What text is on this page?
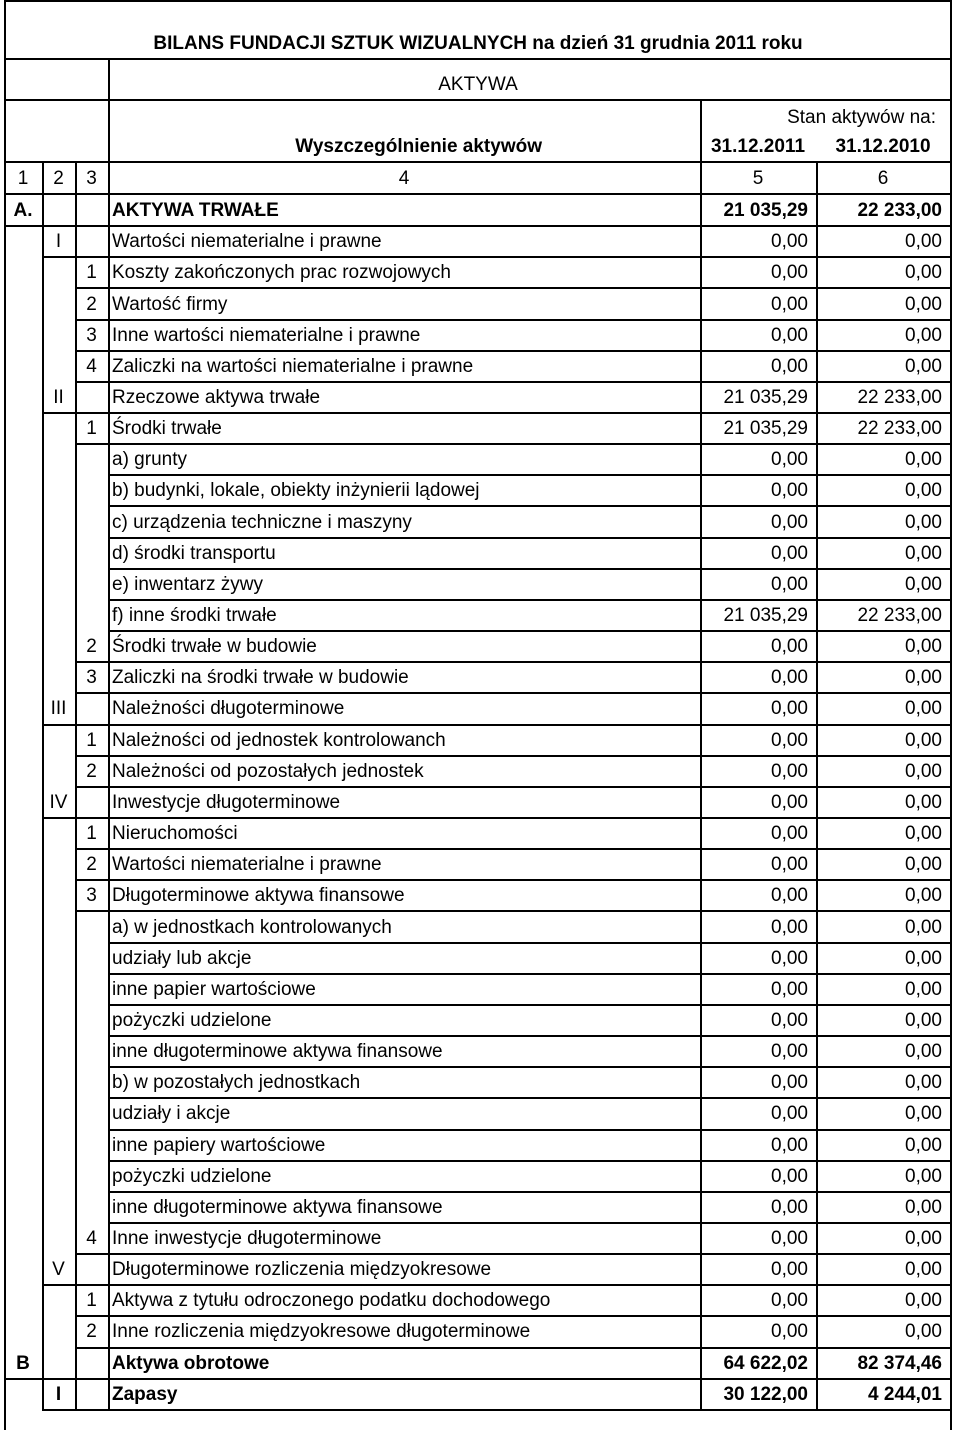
BILANS FUNDACJI SZTUK WIZUALNYCH na dzień 31 grudnia 2011 roku
AKTYWA
Stan aktywów na:
Wyszczególnienie aktywów	31.12.2011	31.12.2010
1	2	3	4	5	6
A.	AKTYWA TRWAŁE	21 035,29	22 233,00
I	Wartości niematerialne i prawne	0,00	0,00
1 Koszty zakończonych prac rozwojowych	0,00	0,00
2 Wartość firmy	0,00	0,00
3 Inne wartości niematerialne i prawne	0,00	0,00
4 Zaliczki na wartości niematerialne i prawne	0,00	0,00
II	Rzeczowe aktywa trwałe	21 035,29	22 233,00
1 Środki trwałe	21 035,29	22 233,00
a) grunty	0,00	0,00
b) budynki, lokale, obiekty inżynierii lądowej	0,00	0,00
c) urządzenia techniczne i maszyny	0,00	0,00
d) środki transportu	0,00	0,00
e) inwentarz żywy	0,00	0,00
f) inne środki trwałe	21 035,29	22 233,00
2 Środki trwałe w budowie	0,00	0,00
3 Zaliczki na środki trwałe w budowie	0,00	0,00
III	Należności długoterminowe	0,00	0,00
1 Należności od jednostek kontrolowanch	0,00	0,00
2 Należności od pozostałych jednostek	0,00	0,00
IV	Inwestycje długoterminowe	0,00	0,00
1 Nieruchomości	0,00	0,00
2 Wartości niematerialne i prawne	0,00	0,00
3 Długoterminowe aktywa finansowe	0,00	0,00
a) w jednostkach kontrolowanych	0,00	0,00
udziały lub akcje	0,00	0,00
inne papier wartościowe	0,00	0,00
pożyczki udzielone	0,00	0,00
inne długoterminowe aktywa finansowe	0,00	0,00
b) w pozostałych jednostkach	0,00	0,00
udziały i akcje	0,00	0,00
inne papiery wartościowe	0,00	0,00
pożyczki udzielone	0,00	0,00
inne długoterminowe aktywa finansowe	0,00	0,00
4 Inne inwestycje długoterminowe	0,00	0,00
V	Długoterminowe rozliczenia międzyokresowe	0,00	0,00
1 Aktywa z tytułu odroczonego podatku dochodowego	0,00	0,00
2 Inne rozliczenia międzyokresowe długoterminowe	0,00	0,00
B	Aktywa obrotowe	64 622,02	82 374,46
I	Zapasy	30 122,00	4 244,01
